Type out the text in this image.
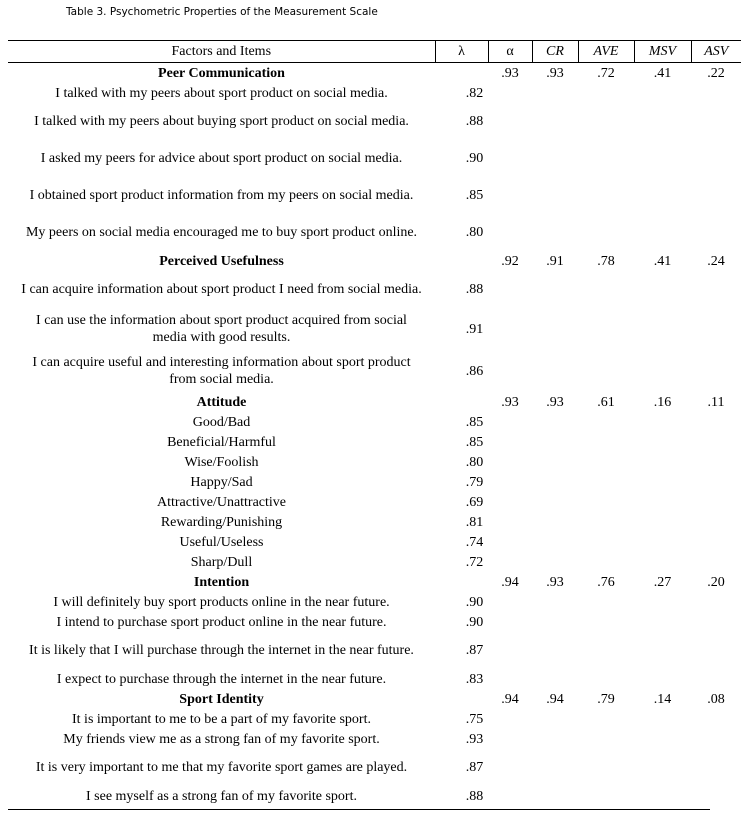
Table 3. Psychometric Properties of the Measurement Scale
Factors and Items	λ	α	CR	AVE	MSV	ASV
Peer Communication		.93	.93	.72	.41	.22
I talked with my peers about sport product on social media.	.82					
I talked with my peers about buying sport product on social media.	.88					
I asked my peers for advice about sport product on social media.	.90					
I obtained sport product information from my peers on social media.	.85					
My peers on social media encouraged me to buy sport product online.	.80					
Perceived Usefulness		.92	.91	.78	.41	.24
I can acquire information about sport product I need from social media.	.88					
I can use the information about sport product acquired from social media with good results.	.91					
I can acquire useful and interesting information about sport product from social media.	.86					
Attitude		.93	.93	.61	.16	.11
Good/Bad	.85					
Beneficial/Harmful	.85					
Wise/Foolish	.80					
Happy/Sad	.79					
Attractive/Unattractive	.69					
Rewarding/Punishing	.81					
Useful/Useless	.74					
Sharp/Dull	.72					
Intention		.94	.93	.76	.27	.20
I will definitely buy sport products online in the near future.	.90					
I intend to purchase sport product online in the near future.	.90					
It is likely that I will purchase through the internet in the near future.	.87					
I expect to purchase through the internet in the near future.	.83					
Sport Identity		.94	.94	.79	.14	.08
It is important to me to be a part of my favorite sport.	.75					
My friends view me as a strong fan of my favorite sport.	.93					
It is very important to me that my favorite sport games are played.	.87					
I see myself as a strong fan of my favorite sport.	.88					
